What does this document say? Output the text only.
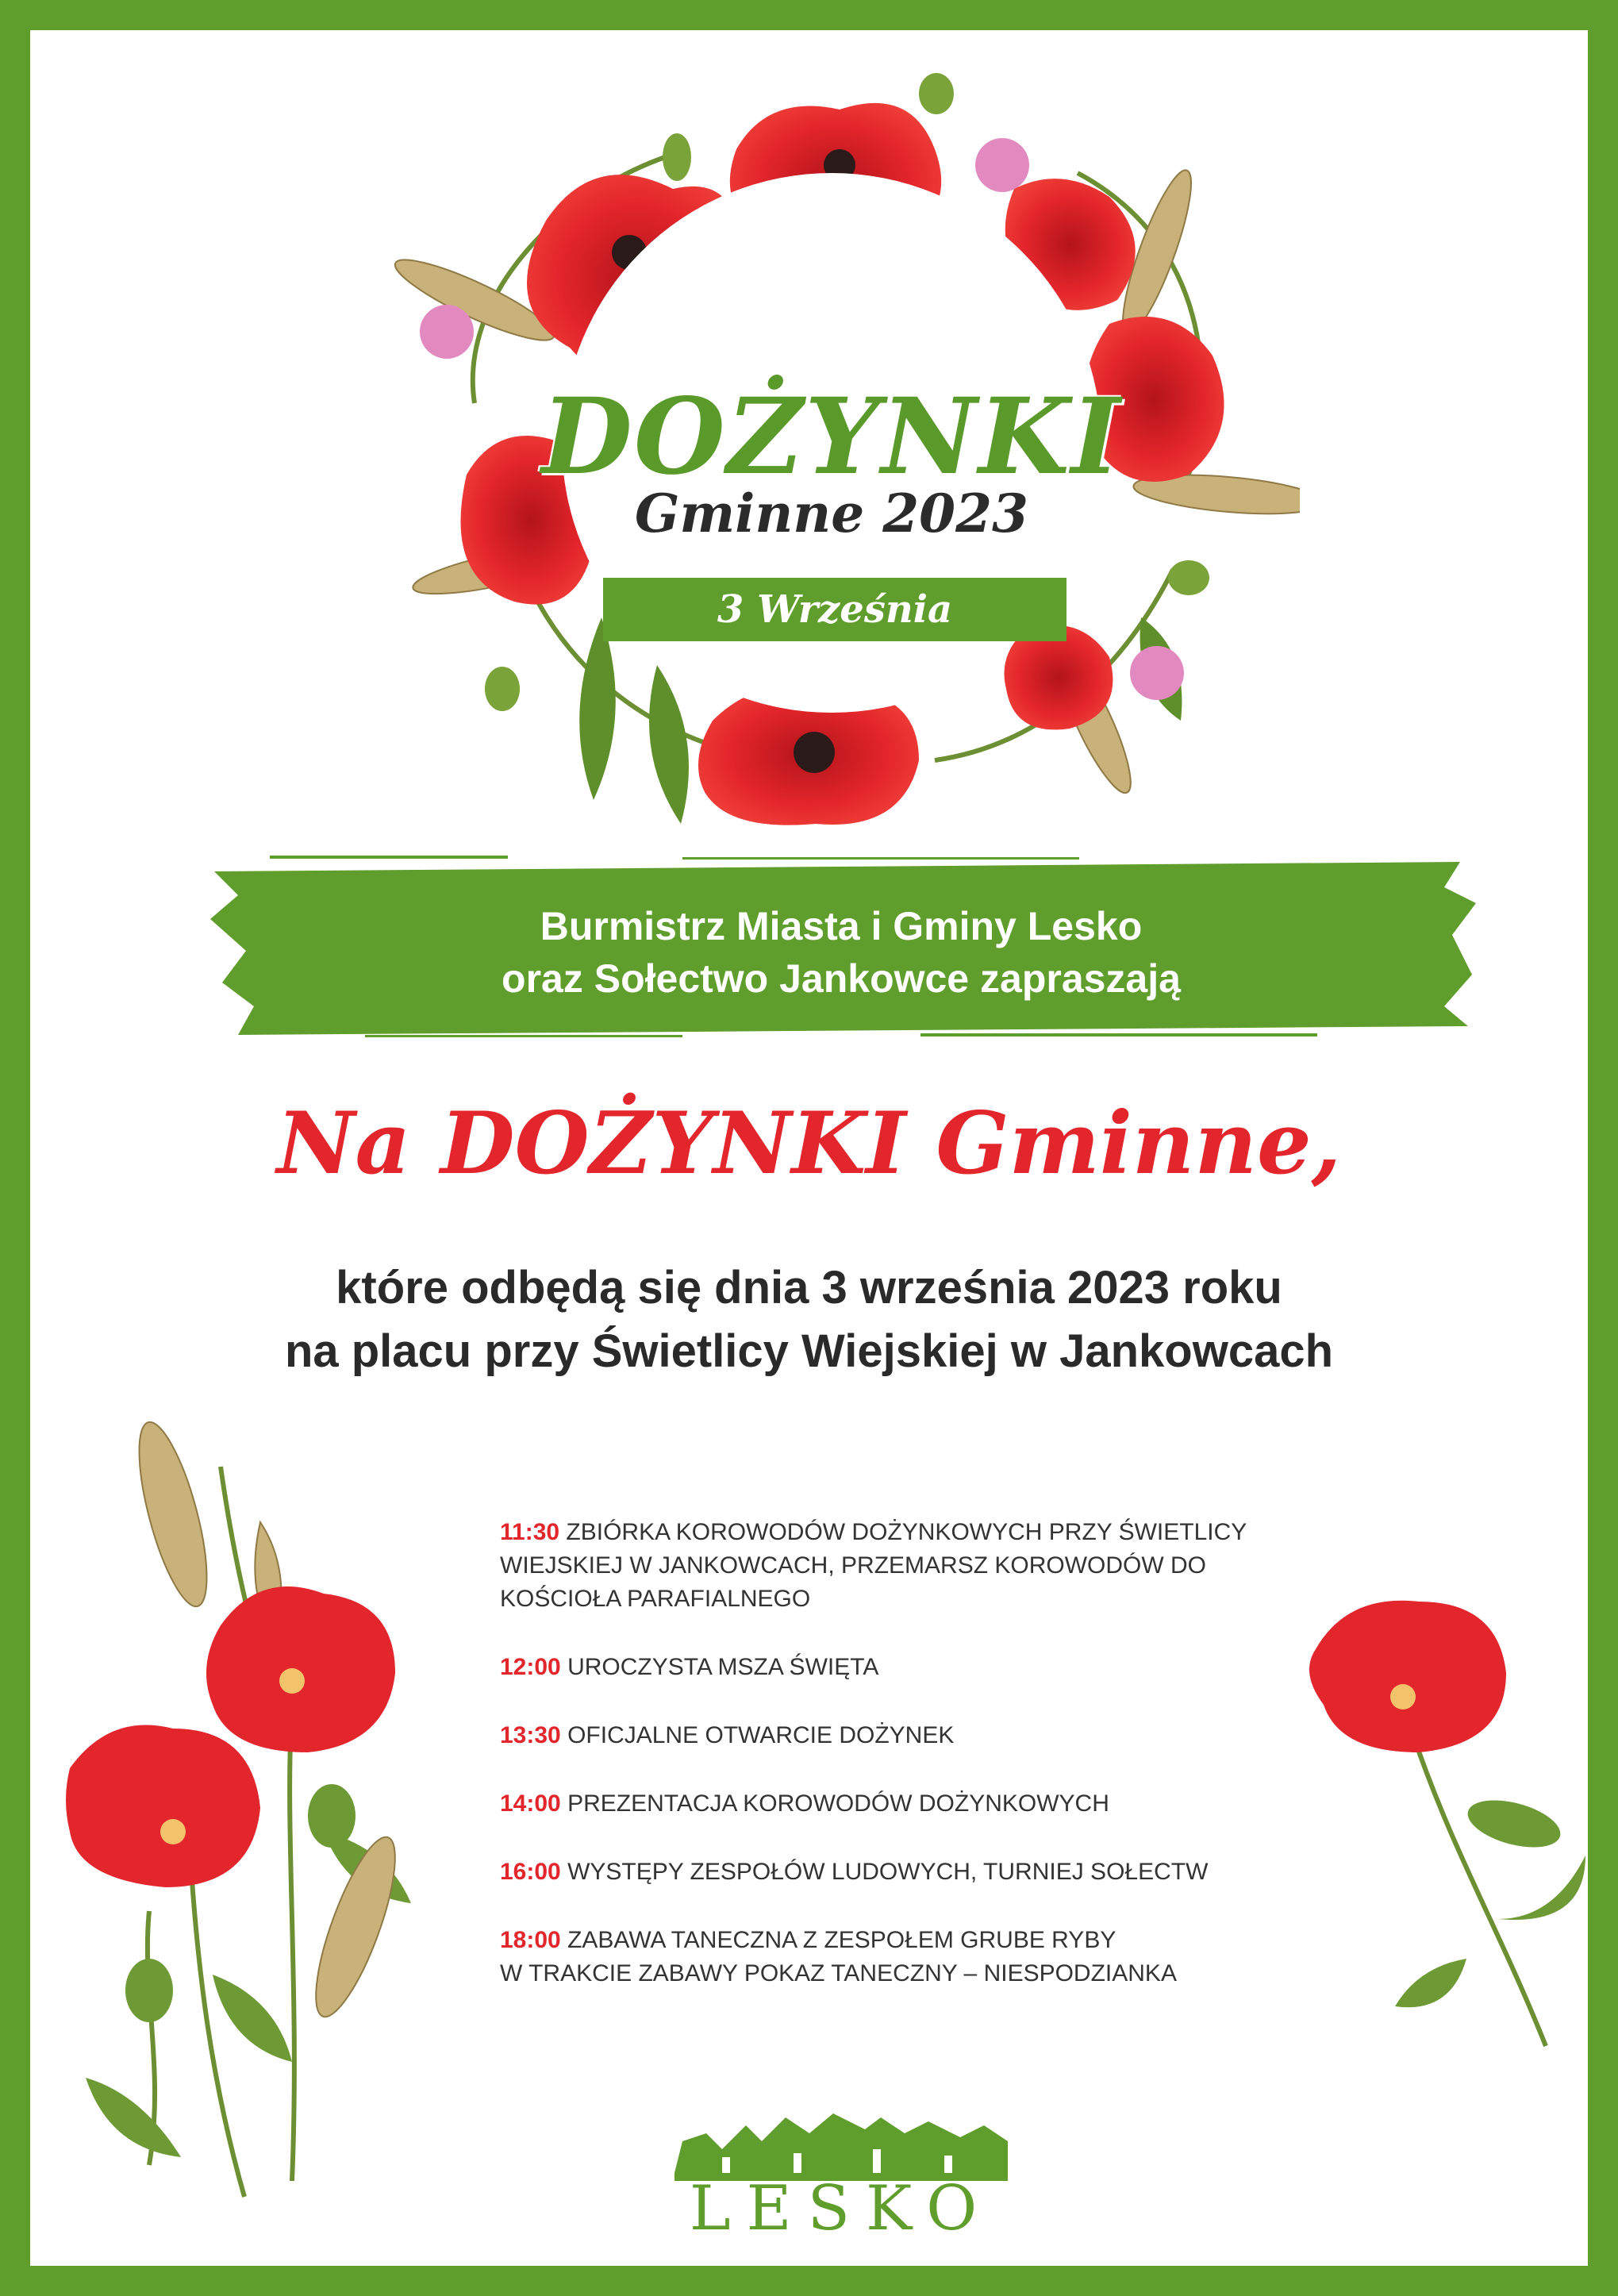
DOŻYNKI
Gminne 2023
3 Września
Burmistrz Miasta i Gminy Lesko
oraz Sołectwo Jankowce zapraszają
Na DOŻYNKI Gminne,
które odbędą się dnia 3 września 2023 roku
na placu przy Świetlicy Wiejskiej w Jankowcach
11:30 ZBIÓRKA KOROWODÓW DOŻYNKOWYCH PRZY ŚWIETLICY
WIEJSKIEJ W JANKOWCACH, PRZEMARSZ KOROWODÓW DO
KOŚCIOŁA PARAFIALNEGO
12:00 UROCZYSTA MSZA ŚWIĘTA
13:30 OFICJALNE OTWARCIE DOŻYNEK
14:00 PREZENTACJA KOROWODÓW DOŻYNKOWYCH
16:00 WYSTĘPY ZESPOŁÓW LUDOWYCH, TURNIEJ SOŁECTW
18:00 ZABAWA TANECZNA Z ZESPOŁEM GRUBE RYBY
W TRAKCIE ZABAWY POKAZ TANECZNY – NIESPODZIANKA
LESKO
